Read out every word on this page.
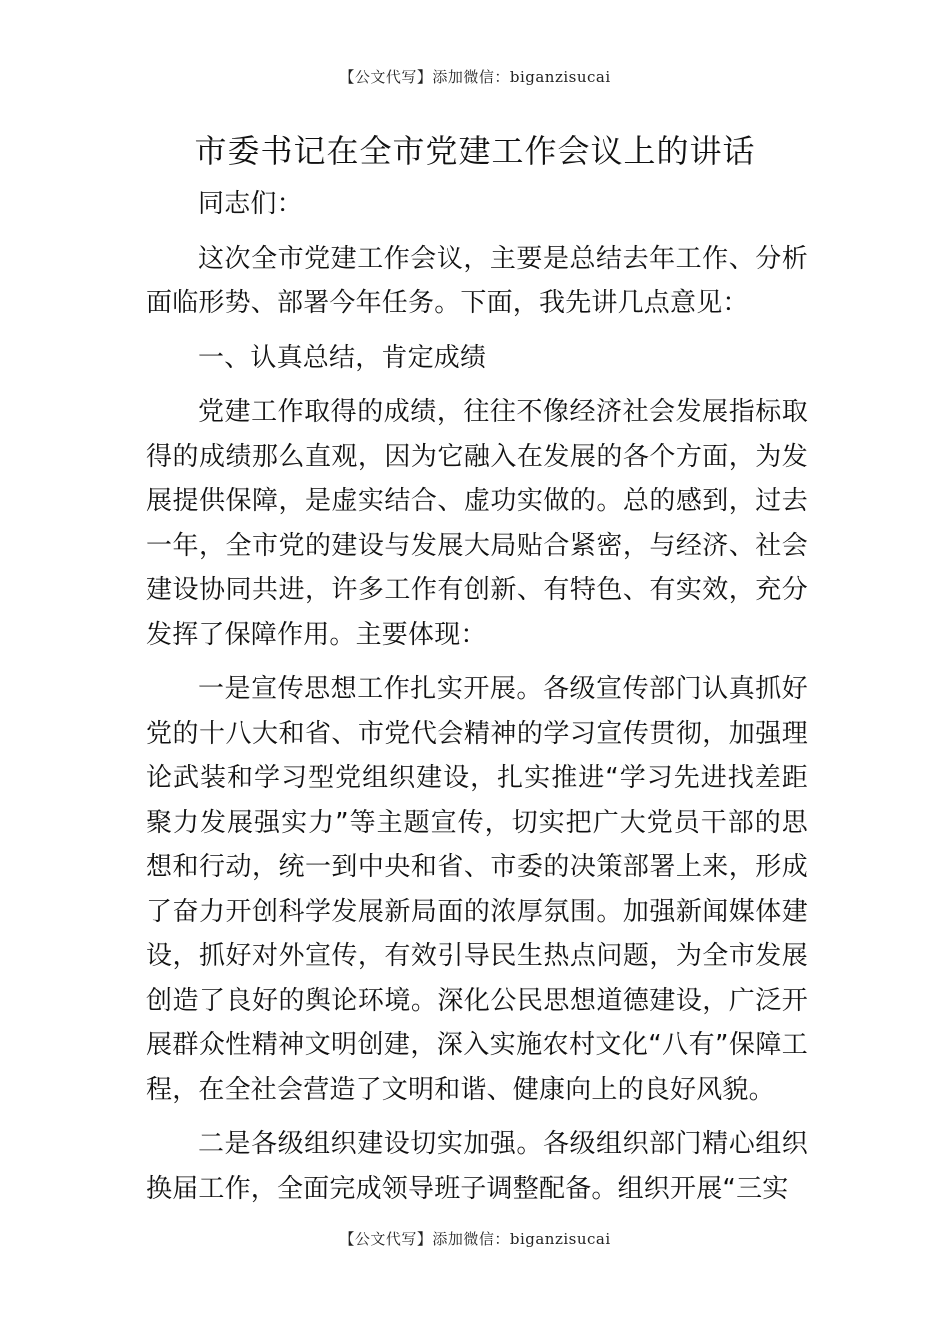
【公文代写】添加微信：biganzisucai
市委书记在全市党建工作会议上的讲话

同志们：

这次全市党建工作会议，主要是总结去年工作、分析面临形势、部署今年任务。下面，我先讲几点意见：

一、认真总结，肯定成绩

党建工作取得的成绩，往往不像经济社会发展指标取得的成绩那么直观，因为它融入在发展的各个方面，为发展提供保障，是虚实结合、虚功实做的。总的感到，过去一年，全市党的建设与发展大局贴合紧密，与经济、社会建设协同共进，许多工作有创新、有特色、有实效，充分发挥了保障作用。主要体现：

一是宣传思想工作扎实开展。各级宣传部门认真抓好党的十八大和省、市党代会精神的学习宣传贯彻，加强理论武装和学习型党组织建设，扎实推进“学习先进找差距聚力发展强实力”等主题宣传，切实把广大党员干部的思想和行动，统一到中央和省、市委的决策部署上来，形成了奋力开创科学发展新局面的浓厚氛围。加强新闻媒体建设，抓好对外宣传，有效引导民生热点问题，为全市发展创造了良好的舆论环境。深化公民思想道德建设，广泛开展群众性精神文明创建，深入实施农村文化“八有”保障工程，在全社会营造了文明和谐、健康向上的良好风貌。

二是各级组织建设切实加强。各级组织部门精心组织换届工作，全面完成领导班子调整配备。组织开展“三实

【公文代写】添加微信：biganzisucai
